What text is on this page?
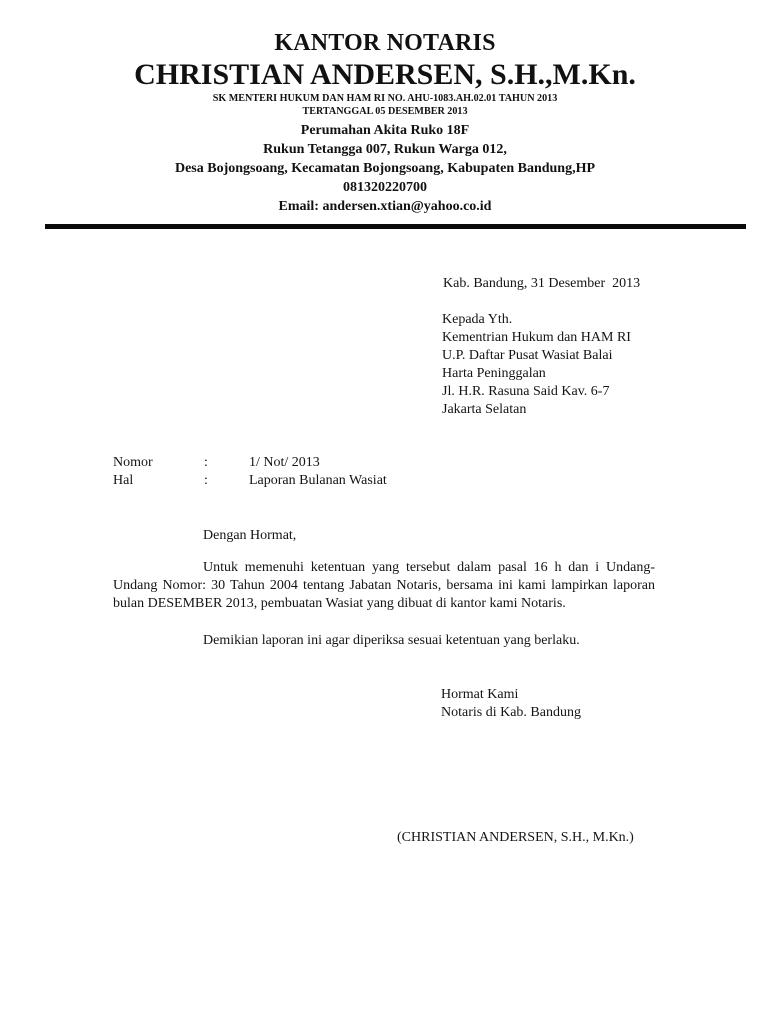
KANTOR NOTARIS
CHRISTIAN ANDERSEN, S.H.,M.Kn.
SK MENTERI HUKUM DAN HAM RI NO. AHU-1083.AH.02.01 TAHUN 2013
TERTANGGAL 05 DESEMBER 2013
Perumahan Akita Ruko 18F
Rukun Tetangga 007, Rukun Warga 012,
Desa Bojongsoang, Kecamatan Bojongsoang, Kabupaten Bandung,HP
081320220700
Email: andersen.xtian@yahoo.co.id
Kab. Bandung, 31 Desember  2013
Kepada Yth.
Kementrian Hukum dan HAM RI
U.P. Daftar Pusat Wasiat Balai
Harta Peninggalan
Jl. H.R. Rasuna Said Kav. 6-7
Jakarta Selatan
Nomor	:	1/ Not/ 2013
Hal	:	Laporan Bulanan Wasiat
Dengan Hormat,
Untuk memenuhi ketentuan yang tersebut dalam pasal 16 h dan i Undang-Undang Nomor: 30 Tahun 2004 tentang Jabatan Notaris, bersama ini kami lampirkan laporan bulan DESEMBER 2013, pembuatan Wasiat yang dibuat di kantor kami Notaris.
Demikian laporan ini agar diperiksa sesuai ketentuan yang berlaku.
Hormat Kami
Notaris di Kab. Bandung
(CHRISTIAN ANDERSEN, S.H., M.Kn.)
